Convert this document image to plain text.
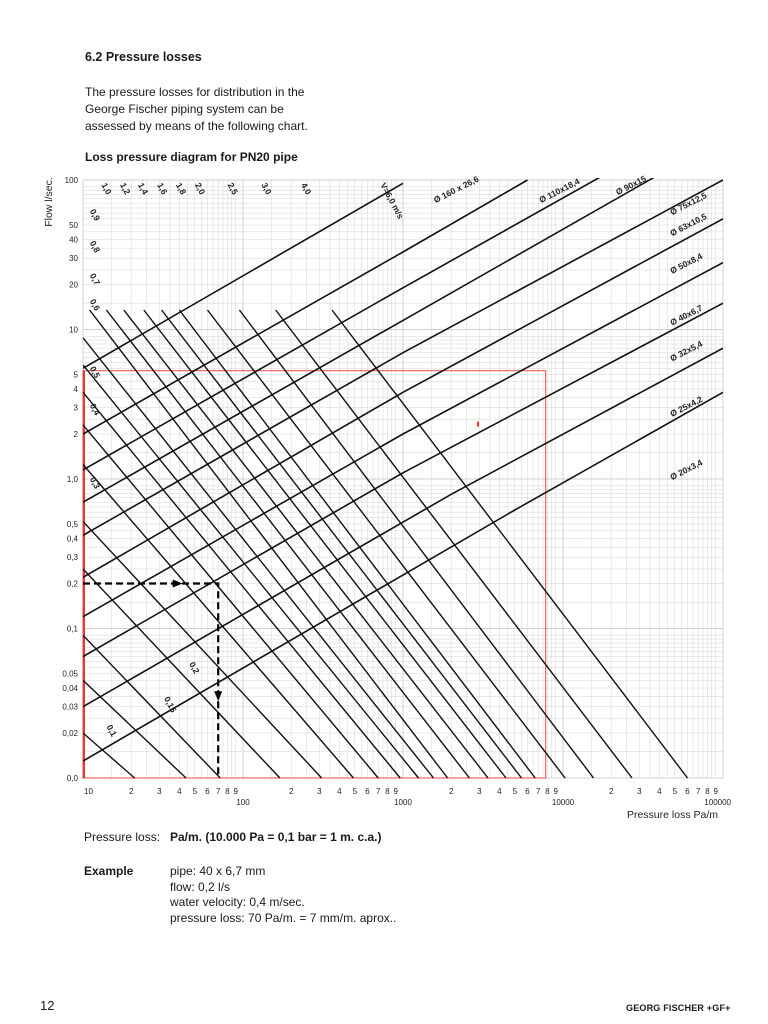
6.2 Pressure losses
The pressure losses for distribution in the
George Fischer piping system can be
assessed by means of the following chart.
Loss pressure diagram for PN20 pipe
Ø 20x3,4
Ø 25x4,2
Ø 32x5,4
Ø 40x6,7
Ø 50x8,4
Ø 63x10,5
Ø 75x12,5
Ø 90x15
Ø 110x18,4
Ø 160 x 26,6
0,1
0,15
0,2
0,3
0,4
0,5
0,6
0,7
0,8
0,9
1,0 1,2 1,4 1,6 1,8 2,0 2,5 3,0	4,0	V=6,0 m/s
100
50
40
30
20
10
5
4
3
2
1,0
0,5
0,4
0,3
0,2
0,1
0,05
0,04
0,03
0,02
0,0
10	2	3 4 5 6 7 8 9
100
2	3 4 5 6 7 8 9
1000
2	3 4 5 6 7 8 9
10000
2	3 4 5 6 7 8 9
100000
Pressure loss Pa/m
Flow l/sec.
Pressure loss: Pa/m. (10.000 Pa = 0,1 bar = 1 m. c.a.)
Example	pipe: 40 x 6,7 mm
flow: 0,2 l/s
water velocity: 0,4 m/sec.
pressure loss: 70 Pa/m. = 7 mm/m. aprox..
12	GEORG FISCHER +GF+
